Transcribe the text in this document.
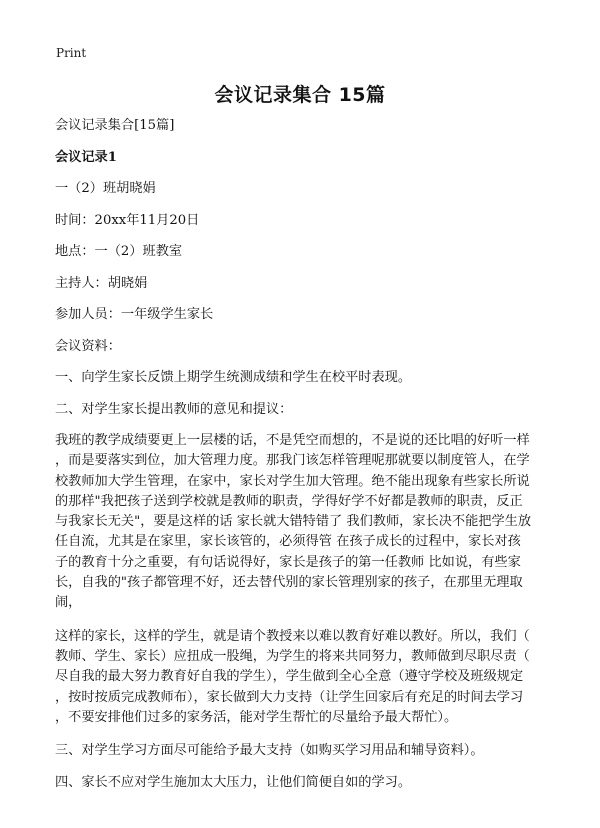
Print
会议记录集合 15篇

会议记录集合[15篇]

会议记录1

一（2）班胡晓娟

时间：20xx年11月20日

地点：一（2）班教室

主持人：胡晓娟

参加人员：一年级学生家长

会议资料：

一、向学生家长反馈上期学生统测成绩和学生在校平时表现。

二、对学生家长提出教师的意见和提议：

我班的教学成绩要更上一层楼的话，不是凭空而想的，不是说的还比唱的好听一样
，而是要落实到位，加大管理力度。那我门该怎样管理呢那就要以制度管人，在学
校教师加大学生管理，在家中，家长对学生加大管理。绝不能出现象有些家长所说
的那样"我把孩子送到学校就是教师的职责，学得好学不好都是教师的职责，反正
与我家长无关"，要是这样的话 家长就大错特错了 我们教师，家长决不能把学生放
任自流，尤其是在家里，家长该管的，必须得管 在孩子成长的过程中，家长对孩
子的教育十分之重要，有句话说得好，家长是孩子的第一任教师 比如说，有些家
长，自我的"孩子都管理不好，还去替代别的家长管理别家的孩子，在那里无理取
闹，
这样的家长，这样的学生，就是请个教授来以难以教育好难以教好。所以，我们（
教师、学生、家长）应扭成一股绳，为学生的将来共同努力，教师做到尽职尽责（
尽自我的最大努力教育好自我的学生），学生做到全心全意（遵守学校及班级规定
，按时按质完成教师布），家长做到大力支持（让学生回家后有充足的时间去学习
，不要安排他们过多的家务活，能对学生帮忙的尽量给予最大帮忙）。

三、对学生学习方面尽可能给予最大支持（如购买学习用品和辅导资料）。

四、家长不应对学生施加太大压力，让他们简便自如的学习。
